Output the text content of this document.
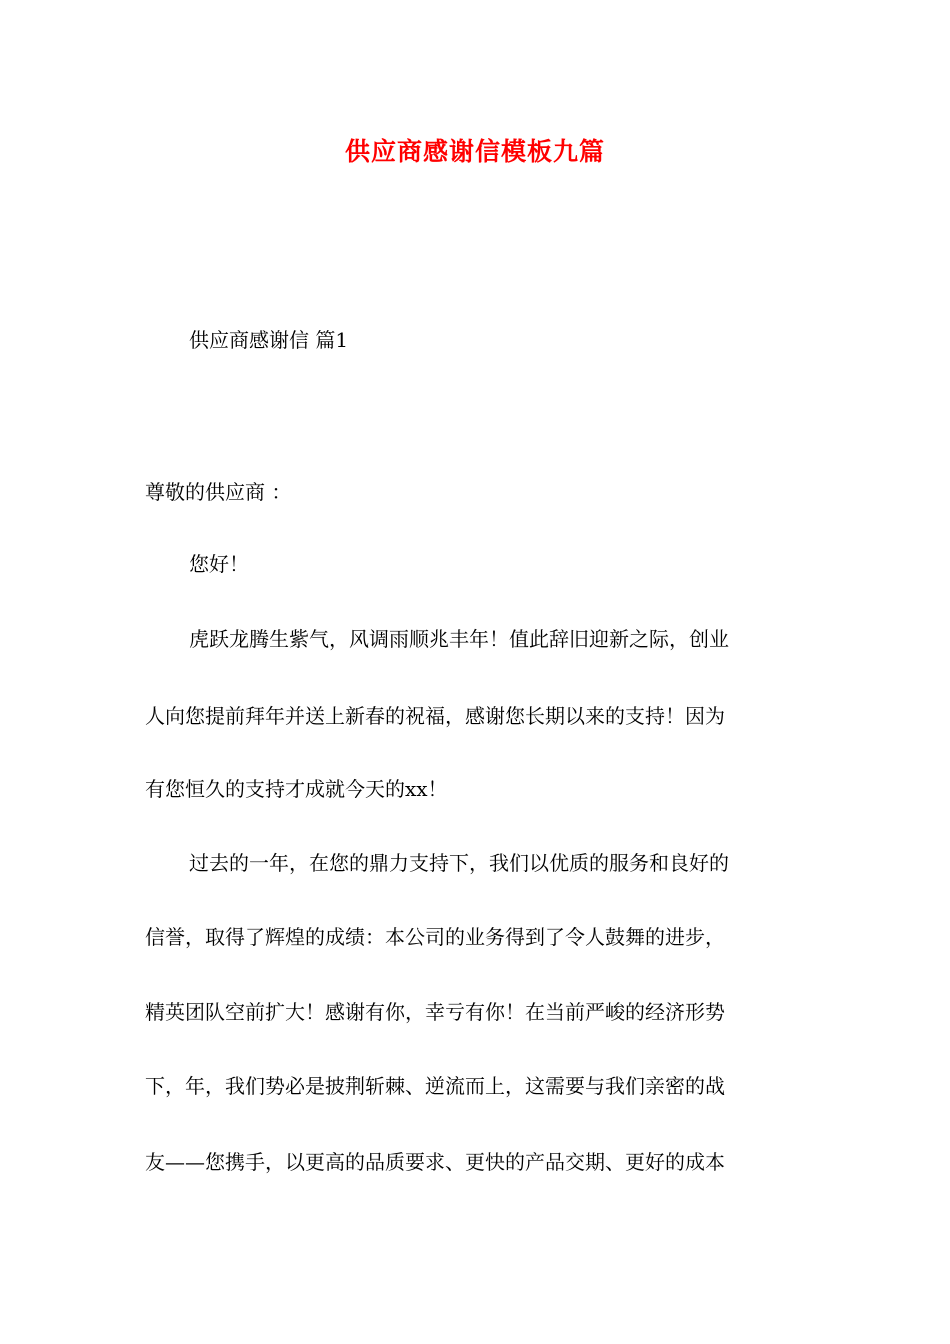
供应商感谢信模板九篇
供应商感谢信 篇1
尊敬的供应商 ：
您好！
虎跃龙腾生紫气，风调雨顺兆丰年！值此辞旧迎新之际，创业
人向您提前拜年并送上新春的祝福，感谢您长期以来的支持！因为
有您恒久的支持才成就今天的xx！
过去的一年，在您的鼎力支持下，我们以优质的服务和良好的
信誉，取得了辉煌的成绩：本公司的业务得到了令人鼓舞的进步，
精英团队空前扩大！感谢有你，幸亏有你！在当前严峻的经济形势
下，年，我们势必是披荆斩棘、逆流而上，这需要与我们亲密的战
友——您携手，以更高的品质要求、更快的产品交期、更好的成本
